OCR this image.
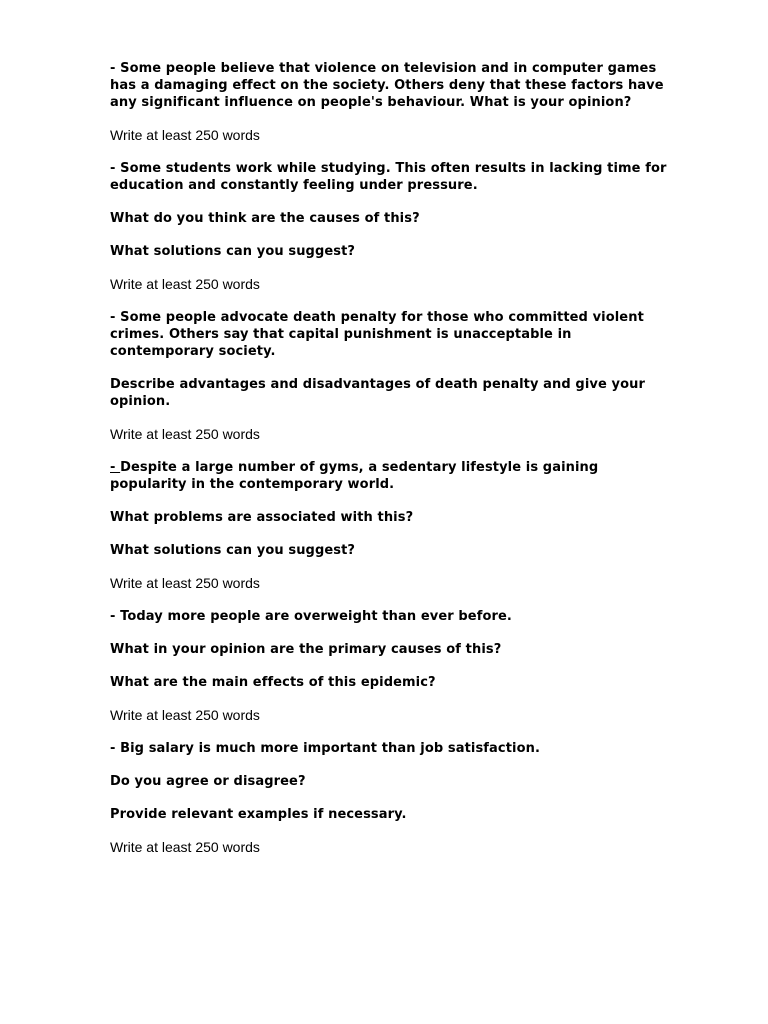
- Some people believe that violence on television and in computer games has a damaging effect on the society. Others deny that these factors have any significant influence on people's behaviour. What is your opinion?

Write at least 250 words

- Some students work while studying. This often results in lacking time for education and constantly feeling under pressure.

What do you think are the causes of this?

What solutions can you suggest?

Write at least 250 words

- Some people advocate death penalty for those who committed violent crimes. Others say that capital punishment is unacceptable in contemporary society.

Describe advantages and disadvantages of death penalty and give your opinion.

Write at least 250 words

- Despite a large number of gyms, a sedentary lifestyle is gaining popularity in the contemporary world.

What problems are associated with this?

What solutions can you suggest?

Write at least 250 words

- Today more people are overweight than ever before.

What in your opinion are the primary causes of this?

What are the main effects of this epidemic?

Write at least 250 words

- Big salary is much more important than job satisfaction.

Do you agree or disagree?

Provide relevant examples if necessary.

Write at least 250 words
